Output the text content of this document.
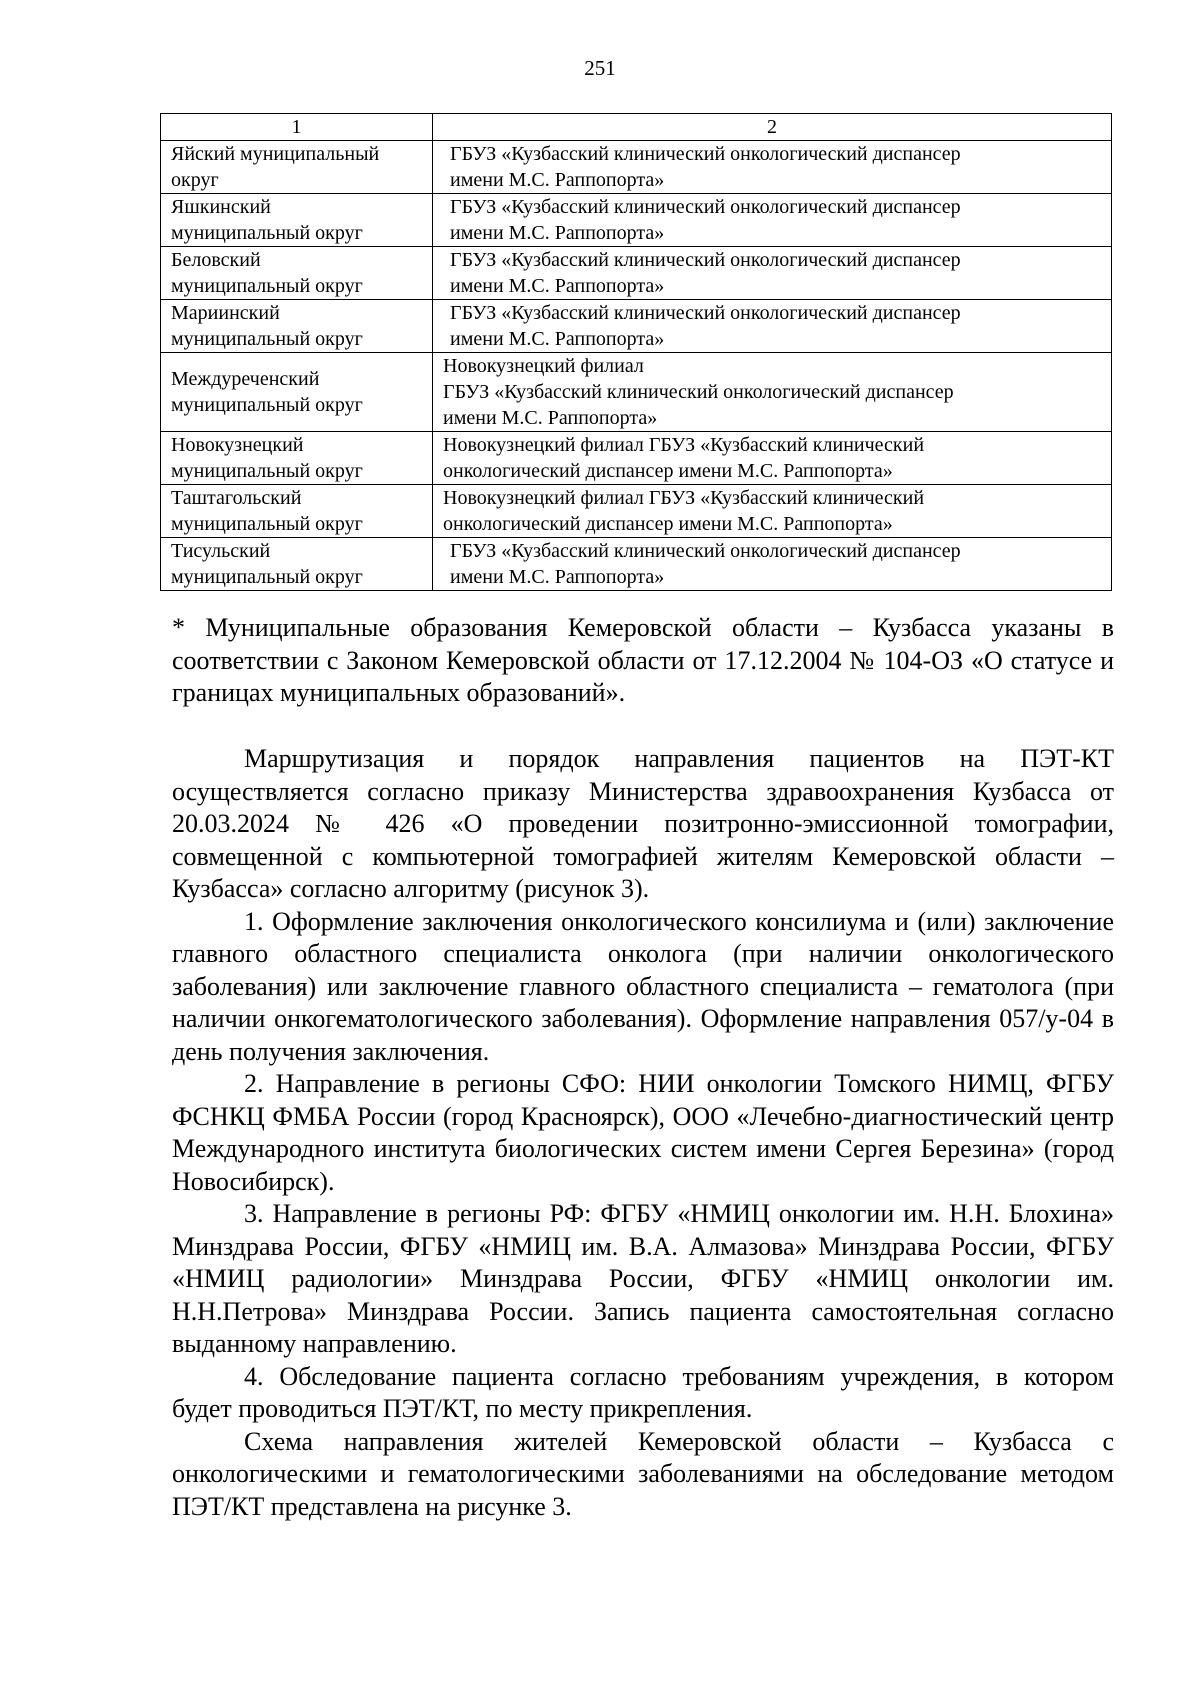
251
1	2

Яйский муниципальный
округ	ГБУЗ «Кузбасский клинический онкологический диспансер
имени М.С. Раппопорта»

Яшкинский
муниципальный округ	ГБУЗ «Кузбасский клинический онкологический диспансер
имени М.С. Раппопорта»

Беловский
муниципальный округ	ГБУЗ «Кузбасский клинический онкологический диспансер
имени М.С. Раппопорта»

Мариинский
муниципальный округ	ГБУЗ «Кузбасский клинический онкологический диспансер
имени М.С. Раппопорта»

Междуреченский
муниципальный округ	Новокузнецкий филиал
ГБУЗ «Кузбасский клинический онкологический диспансер
имени М.С. Раппопорта»

Новокузнецкий
муниципальный округ	Новокузнецкий филиал ГБУЗ «Кузбасский клинический
онкологический диспансер имени М.С. Раппопорта»

Таштагольский
муниципальный округ	Новокузнецкий филиал ГБУЗ «Кузбасский клинический
онкологический диспансер имени М.С. Раппопорта»

Тисульский
муниципальный округ	ГБУЗ «Кузбасский клинический онкологический диспансер
имени М.С. Раппопорта»

* Муниципальные образования Кемеровской области – Кузбасса указаны в соответствии с Законом Кемеровской области от 17.12.2004 № 104-ОЗ «О статусе и границах муниципальных образований».

Маршрутизация и порядок направления пациентов на ПЭТ-КТ осуществляется согласно приказу Министерства здравоохранения Кузбасса от 20.03.2024 № 426 «О проведении позитронно-эмиссионной томографии, совмещенной с компьютерной томографией жителям Кемеровской области – Кузбасса» согласно алгоритму (рисунок 3).

1. Оформление заключения онкологического консилиума и (или) заключение главного областного специалиста онколога (при наличии онкологического заболевания) или заключение главного областного специалиста – гематолога (при наличии онкогематологического заболевания). Оформление направления 057/у-04 в день получения заключения.

2. Направление в регионы СФО: НИИ онкологии Томского НИМЦ, ФГБУ ФСНКЦ ФМБА России (город Красноярск), ООО «Лечебно-диагностический центр Международного института биологических систем имени Сергея Березина» (город Новосибирск).

3. Направление в регионы РФ: ФГБУ «НМИЦ онкологии им. Н.Н. Блохина» Минздрава России, ФГБУ «НМИЦ им. В.А. Алмазова» Минздрава России, ФГБУ «НМИЦ радиологии» Минздрава России, ФГБУ «НМИЦ онкологии им. Н.Н.Петрова» Минздрава России. Запись пациента самостоятельная согласно выданному направлению.

4. Обследование пациента согласно требованиям учреждения, в котором будет проводиться ПЭТ/КТ, по месту прикрепления.

Схема направления жителей Кемеровской области – Кузбасса с онкологическими и гематологическими заболеваниями на обследование методом ПЭТ/КТ представлена на рисунке 3.
